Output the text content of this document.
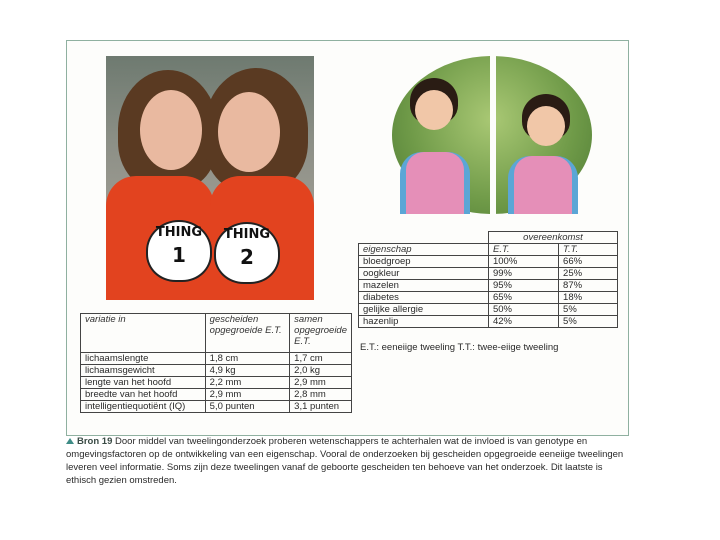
THING
1
THING
2
	overeenkomst	
eigenschap	E.T.	T.T.
bloedgroep	100%	66%
oogkleur	99%	25%
mazelen	95%	87%
diabetes	65%	18%
gelijke allergie	50%	5%
hazenlip	42%	5%
E.T.: eeneiige tweeling T.T.: twee-eiige tweeling
variatie in	gescheiden opgegroeide E.T.	samen opgegroeide E.T.
lichaamslengte	1,8 cm	1,7 cm
lichaamsgewicht	4,9 kg	2,0 kg
lengte van het hoofd	2,2 mm	2,9 mm
breedte van het hoofd	2,9 mm	2,8 mm
intelligentiequotiënt (IQ)	5,0 punten	3,1 punten
Bron 19 Door middel van tweelingonderzoek proberen wetenschappers te achterhalen wat de invloed is van genotype en omgevingsfactoren op de ontwikkeling van een eigenschap. Vooral de onderzoeken bij gescheiden opgegroeide eeneiige tweelingen leveren veel informatie. Soms zijn deze tweelingen vanaf de geboorte gescheiden ten behoeve van het onderzoek. Dit laatste is ethisch gezien omstreden.
